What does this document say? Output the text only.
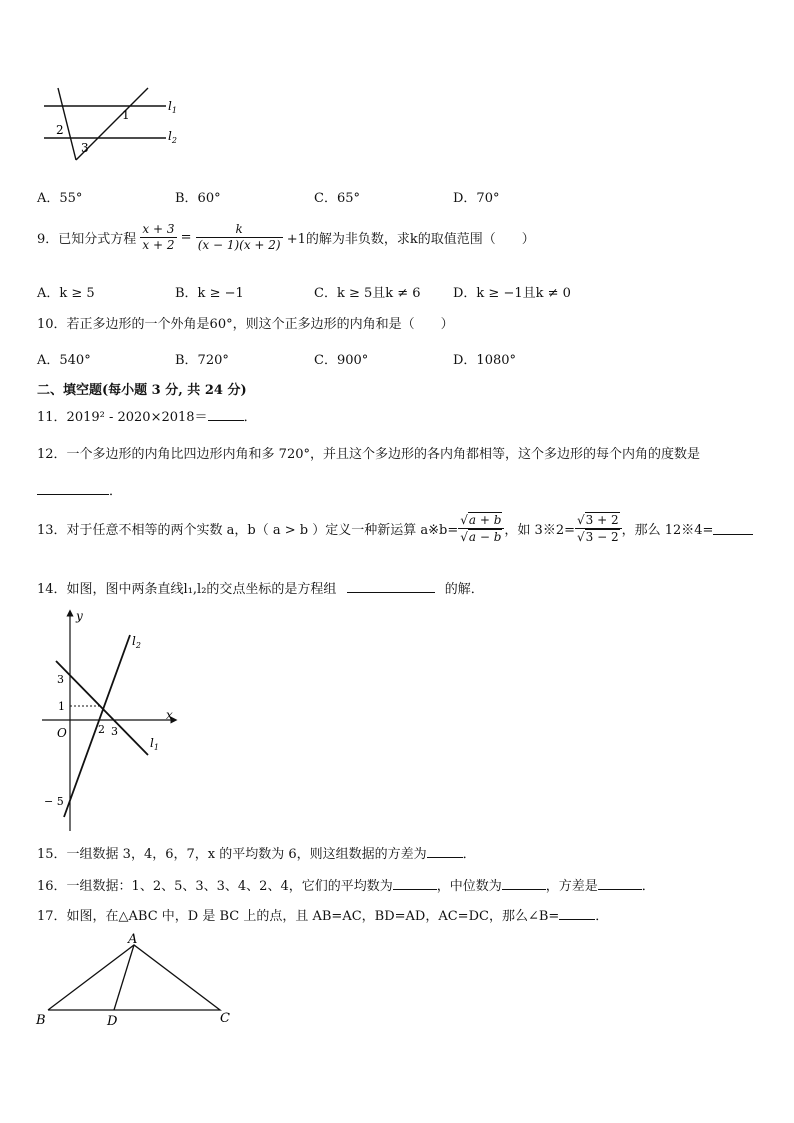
$l_1$
$l_2$
1
2
3
A．55°	B．60°	C．65°	D．70°
9．已知分式方程 $\frac{x + 3}{x + 2} = \frac{k}{(x - 1)(x + 2)} +1$的解为非负数，求k的取值范围（　　）
A．k ≥ 5	B．k ≥ −1	C．k ≥ 5且k ≠ 6 D．k ≥ −1且k ≠ 0
10．若正多边形的一个外角是60°，则这个正多边形的内角和是（　　）
A．540°	B．720°	C．900°	D．1080°
二、填空题(每小题 3 分, 共 24 分)
11．2019² - 2020×2018＝	．
12．一个多边形的内角比四边形内角和多 720°，并且这个多边形的各内角都相等，这个多边形的每个内角的度数是
．
13．对于任意不相等的两个实数 a，b（ a > b ）定义一种新运算 a※b= $\frac{√a + b}{√a - b}$ ，如 3※2= $\frac{√3 + 2}{√3 - 2}$ ，那么 12※4=
14．如图，图中两条直线l₁,l₂的交点坐标的是方程组	的解．
y
x
O
$l_2$
$l_1$
3
1
2 3
− 5
15．一组数据 3，4，6，7，x 的平均数为 6，则这组数据的方差为	．
16．一组数据：1、2、5、3、3、4、2、4，它们的平均数为	，中位数为	，方差是	．
17．如图，在△ABC 中，D 是 BC 上的点，且 AB=AC，BD=AD，AC=DC，那么∠B=	．
A
B	C
D
